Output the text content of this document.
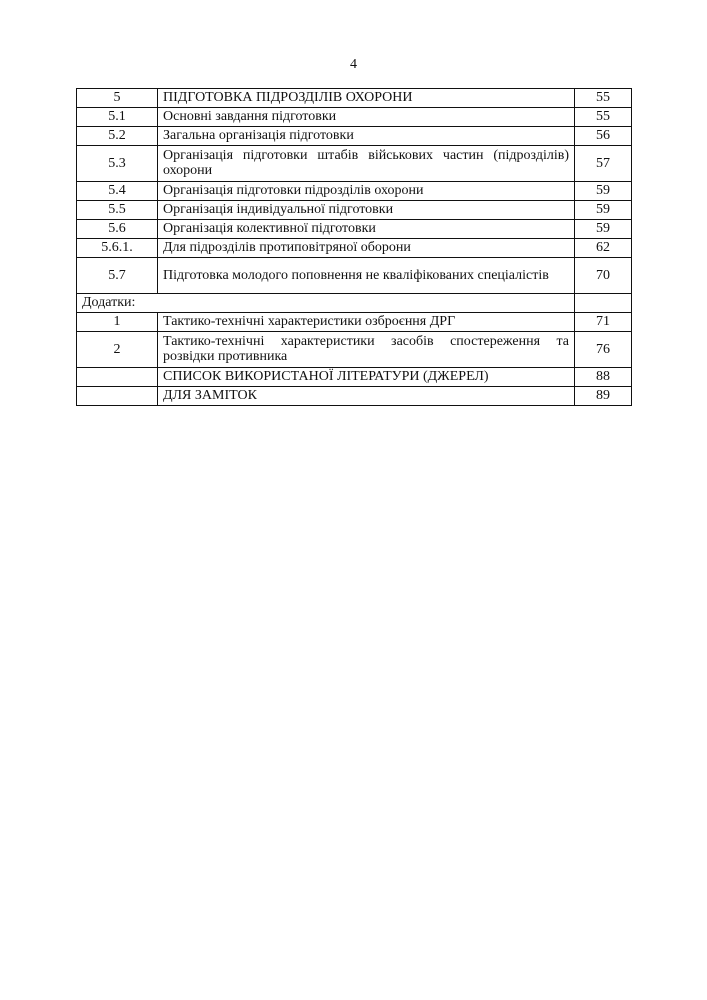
4
5	ПІДГОТОВКА ПІДРОЗДІЛІВ ОХОРОНИ	55
5.1	Основні завдання підготовки	55
5.2	Загальна організація підготовки	56
5.3	Організація підготовки штабів військових частин (підрозділів) охорони	57
5.4	Організація підготовки підрозділів охорони	59
5.5	Організація індивідуальної підготовки	59
5.6	Організація колективної підготовки	59
5.6.1.	Для підрозділів протиповітряної оборони	62
5.7	Підготовка молодого поповнення не кваліфікованих спеціалістів	70
Додатки:		
1	Тактико-технічні характеристики озброєння ДРГ	71
2	Тактико-технічні характеристики засобів спостереження та розвідки противника	76
	СПИСОК ВИКОРИСТАНОЇ ЛІТЕРАТУРИ (ДЖЕРЕЛ)	88
	ДЛЯ ЗАМІТОК	89
